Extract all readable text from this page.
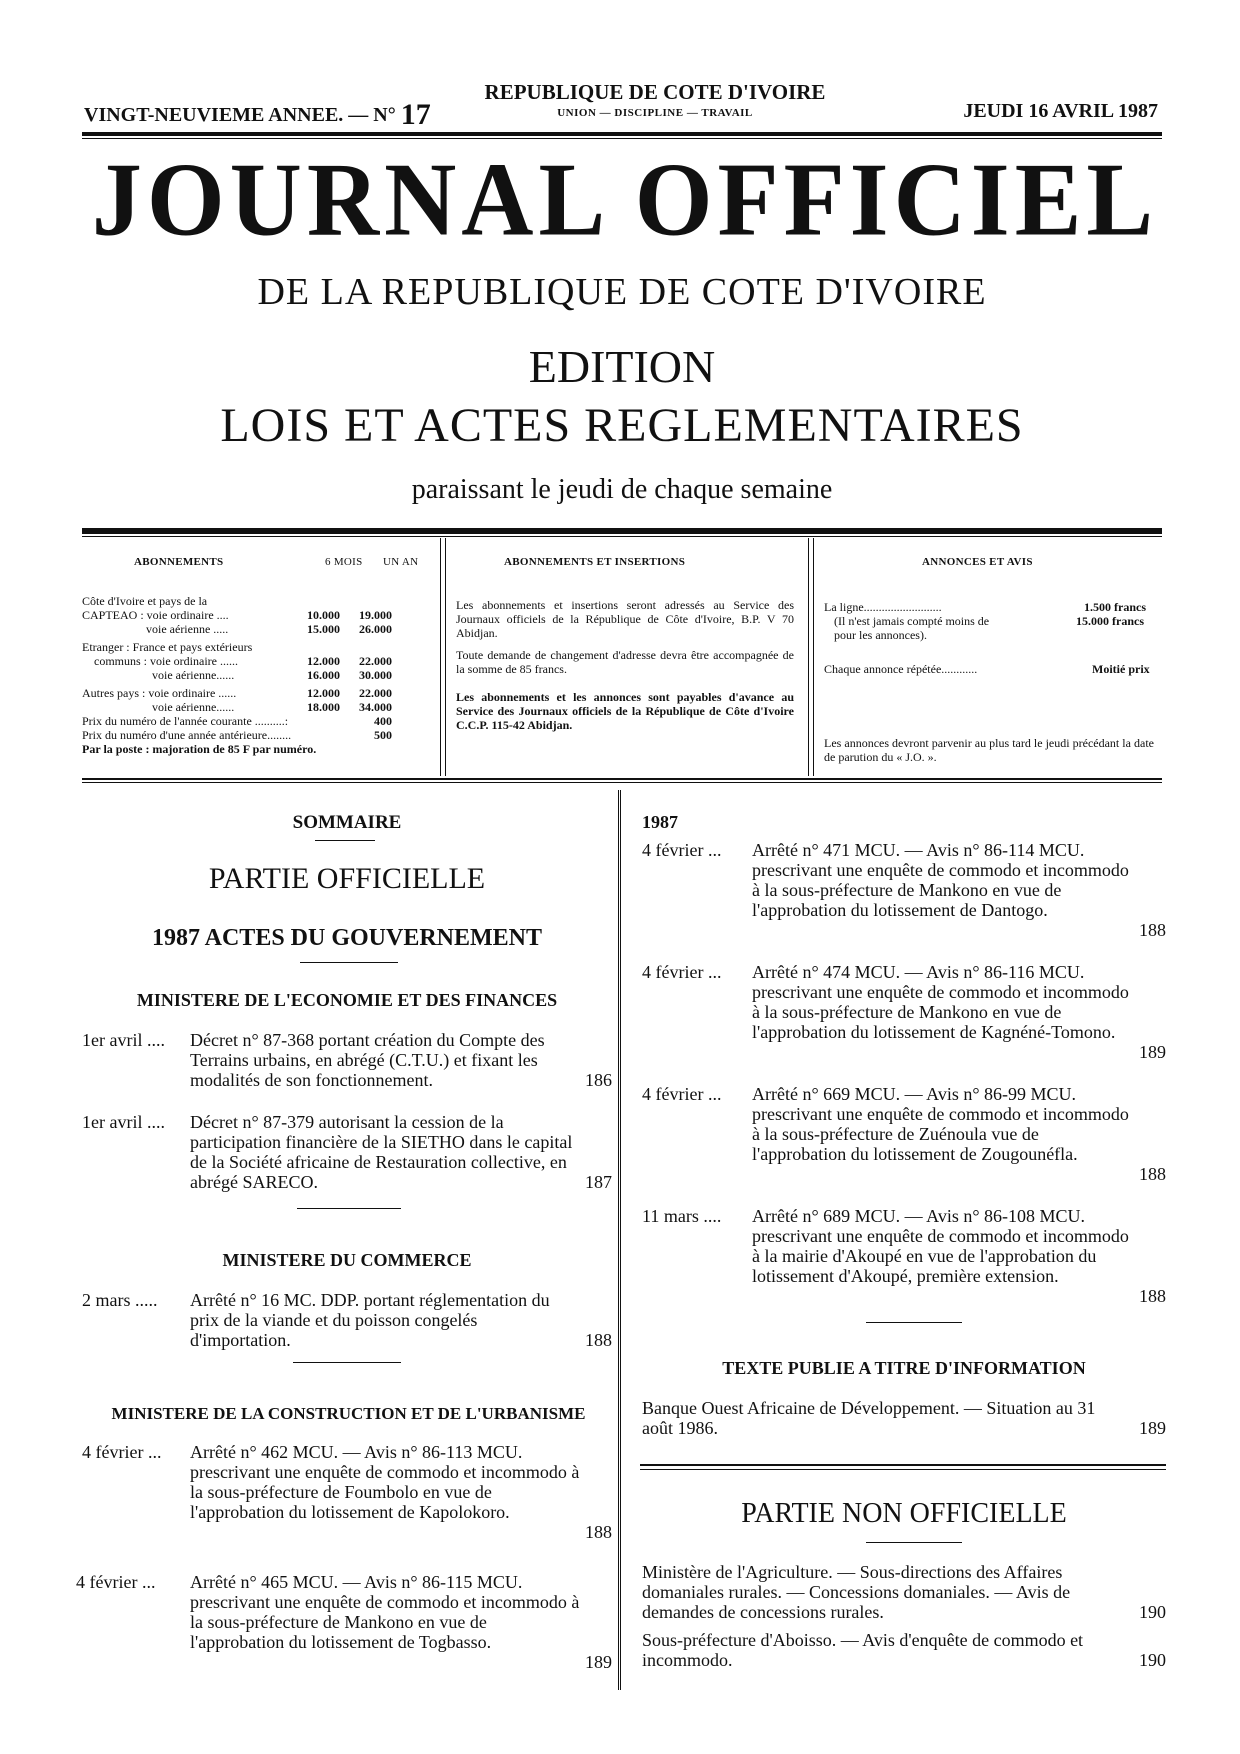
VINGT-NEUVIEME ANNEE. — N° 17
REPUBLIQUE DE COTE D'IVOIRE
UNION — DISCIPLINE — TRAVAIL	JEUDI 16 AVRIL 1987
JOURNAL OFFICIEL
DE LA REPUBLIQUE DE COTE D'IVOIRE
EDITION
LOIS ET ACTES REGLEMENTAIRES
paraissant le jeudi de chaque semaine
ABONNEMENTS	6 MOIS UN AN
Côte d'Ivoire et pays de la
CAPTEAO : voie ordinaire ....	10.000	19.000
voie aérienne .....	15.000	26.000
Etranger : France et pays extérieurs
communs : voie ordinaire ......	12.000	22.000
voie aérienne......	16.000	30.000
Autres pays : voie ordinaire ......	12.000	22.000
voie aérienne......	18.000	34.000
Prix du numéro de l'année courante ..........:	400
Prix du numéro d'une année antérieure........	500
Par la poste : majoration de 85 F par numéro.
ABONNEMENTS ET INSERTIONS
Les abonnements et insertions seront adressés au Service des Journaux officiels de la République de Côte d'Ivoire, B.P. V 70 Abidjan.
Toute demande de changement d'adresse devra être accompagnée de la somme de 85 francs.
Les abonnements et les annonces sont payables d'avance au Service des Journaux officiels de la République de Côte d'Ivoire C.C.P. 115-42 Abidjan.
ANNONCES ET AVIS
La ligne..........................	1.500 francs
(Il n'est jamais compté moins de	15.000 francs
pour les annonces).
Chaque annonce répétée............	Moitié prix
Les annonces devront parvenir au plus tard le jeudi précédant la date de parution du « J.O. ».
SOMMAIRE
PARTIE OFFICIELLE
1987 ACTES DU GOUVERNEMENT
MINISTERE DE L'ECONOMIE ET DES FINANCES
1er avril .... Décret n° 87-368 portant création du Compte des Terrains urbains, en abrégé (C.T.U.) et fixant les modalités de son fonctionnement.	186
1er avril .... Décret n° 87-379 autorisant la cession de la participation financière de la SIETHO dans le capital de la Société africaine de Restauration collective, en abrégé SARECO.	187
MINISTERE DU COMMERCE
2 mars ..... Arrêté n° 16 MC. DDP. portant réglementation du prix de la viande et du poisson congelés d'importation.	188
MINISTERE DE LA CONSTRUCTION ET DE L'URBANISME
4 février ... Arrêté n° 462 MCU. — Avis n° 86-113 MCU. prescrivant une enquête de commodo et incommodo à la sous-préfecture de Foumbolo en vue de l'approbation du lotissement de Kapolokoro.
188
4 février ... Arrêté n° 465 MCU. — Avis n° 86-115 MCU. prescrivant une enquête de commodo et incommodo à la sous-préfecture de Mankono en vue de l'approbation du lotissement de Togbasso.
189
1987
4 février ... Arrêté n° 471 MCU. — Avis n° 86-114 MCU. prescrivant une enquête de commodo et incommodo à la sous-préfecture de Mankono en vue de l'approbation du lotissement de Dantogo.
188
4 février ... Arrêté n° 474 MCU. — Avis n° 86-116 MCU. prescrivant une enquête de commodo et incommodo à la sous-préfecture de Mankono en vue de l'approbation du lotissement de Kagnéné-Tomono.
189
4 février ... Arrêté n° 669 MCU. — Avis n° 86-99 MCU. prescrivant une enquête de commodo et incommodo à la sous-préfecture de Zuénoula vue de l'approbation du lotissement de Zougounéfla.
188
11 mars .... Arrêté n° 689 MCU. — Avis n° 86-108 MCU. prescrivant une enquête de commodo et incommodo à la mairie d'Akoupé en vue de l'approbation du lotissement d'Akoupé, première extension.
188
TEXTE PUBLIE A TITRE D'INFORMATION
Banque Ouest Africaine de Développement. — Situation au 31 août 1986.	189
PARTIE NON OFFICIELLE
Ministère de l'Agriculture. — Sous-directions des Affaires domaniales rurales. — Concessions domaniales. — Avis de demandes de concessions rurales.	190
Sous-préfecture d'Aboisso. — Avis d'enquête de commodo et incommodo.	190
